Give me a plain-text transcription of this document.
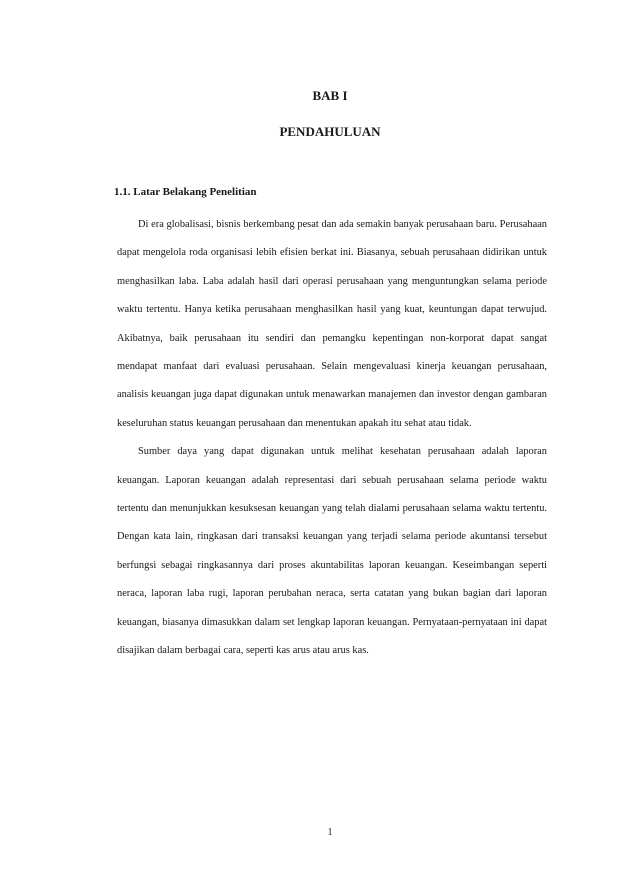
BAB I
PENDAHULUAN
1.1. Latar Belakang Penelitian

Di era globalisasi, bisnis berkembang pesat dan ada semakin banyak perusahaan baru. Perusahaan dapat mengelola roda organisasi lebih efisien berkat ini. Biasanya, sebuah perusahaan didirikan untuk menghasilkan laba. Laba adalah hasil dari operasi perusahaan yang menguntungkan selama periode waktu tertentu. Hanya ketika perusahaan menghasilkan hasil yang kuat, keuntungan dapat terwujud. Akibatnya, baik perusahaan itu sendiri dan pemangku kepentingan non-korporat dapat sangat mendapat manfaat dari evaluasi perusahaan. Selain mengevaluasi kinerja keuangan perusahaan, analisis keuangan juga dapat digunakan untuk menawarkan manajemen dan investor dengan gambaran keseluruhan status keuangan perusahaan dan menentukan apakah itu sehat atau tidak.

Sumber daya yang dapat digunakan untuk melihat kesehatan perusahaan adalah laporan keuangan. Laporan keuangan adalah representasi dari sebuah perusahaan selama periode waktu tertentu dan menunjukkan kesuksesan keuangan yang telah dialami perusahaan selama waktu tertentu. Dengan kata lain, ringkasan dari transaksi keuangan yang terjadi selama periode akuntansi tersebut berfungsi sebagai ringkasannya dari proses akuntabilitas laporan keuangan. Keseimbangan seperti neraca, laporan laba rugi, laporan perubahan neraca, serta catatan yang bukan bagian dari laporan keuangan, biasanya dimasukkan dalam set lengkap laporan keuangan. Pernyataan-pernyataan ini dapat disajikan dalam berbagai cara, seperti kas arus atau arus kas.

1
